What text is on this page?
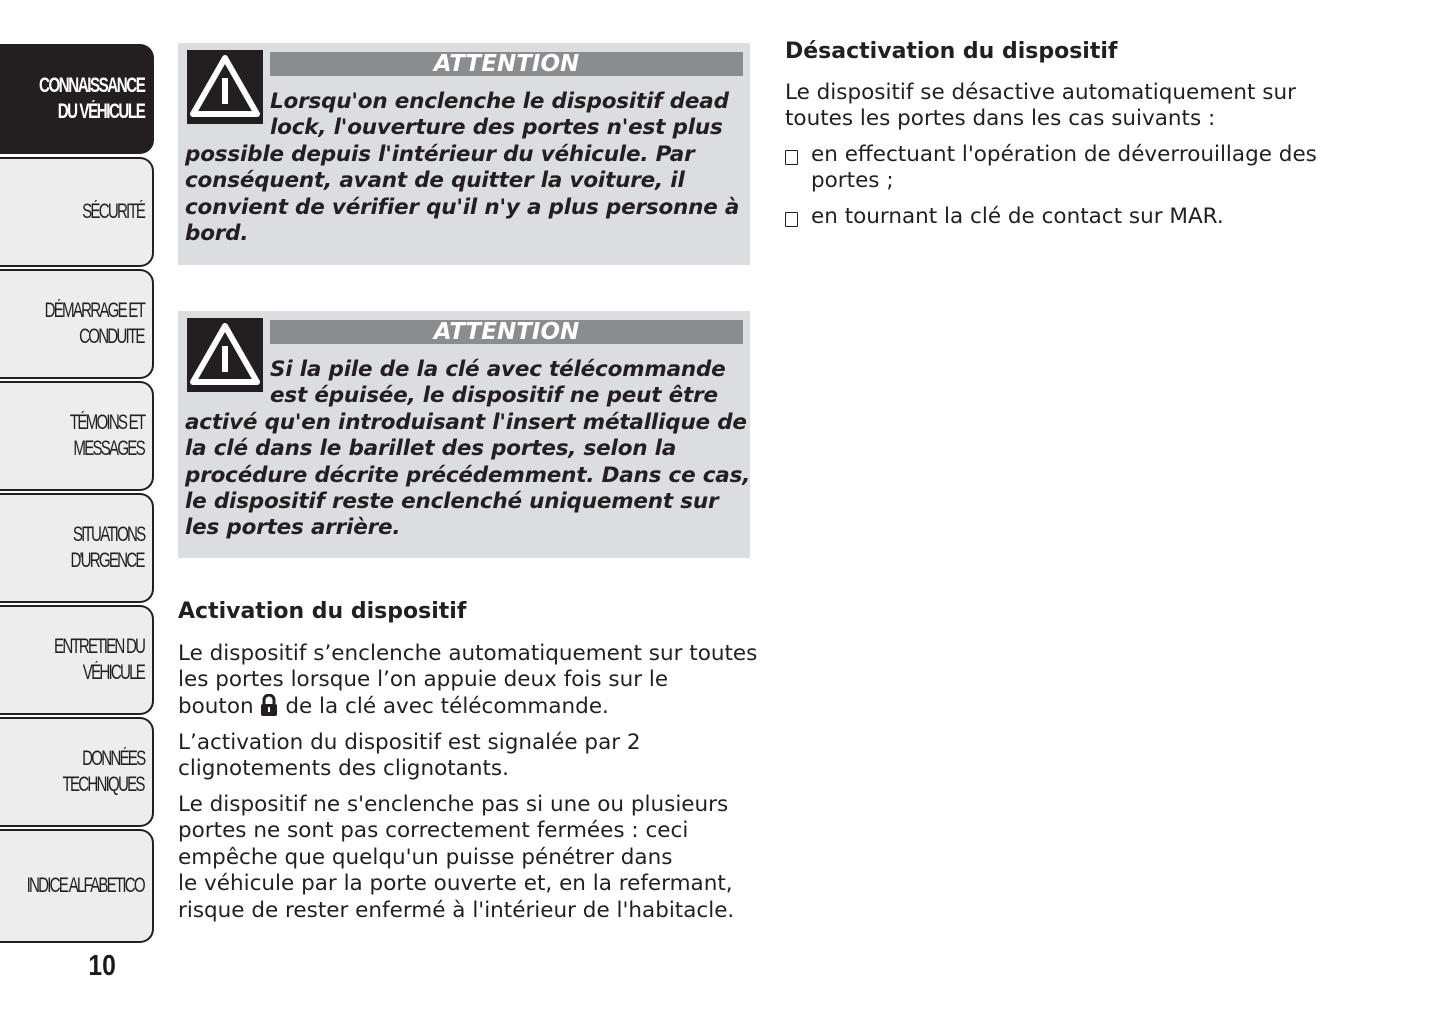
CONNAISSANCE
DU VÉHICULE
SÉCURITÉ
DÉMARRAGE ET
CONDUITE
TÉMOINS ET
MESSAGES
SITUATIONS
D'URGENCE
ENTRETIEN DU
VÉHICULE
DONNÉES
TECHNIQUES
INDICE ALFABETICO
10
ATTENTION
Lorsqu'on enclenche le dispositif dead
lock, l'ouverture des portes n'est plus
possible depuis l'intérieur du véhicule. Par
conséquent, avant de quitter la voiture, il
convient de vérifier qu'il n'y a plus personne à
bord.
ATTENTION
Si la pile de la clé avec télécommande
est épuisée, le dispositif ne peut être
activé qu'en introduisant l'insert métallique de
la clé dans le barillet des portes, selon la
procédure décrite précédemment. Dans ce cas,
le dispositif reste enclenché uniquement sur
les portes arrière.
Activation du dispositif
Le dispositif s’enclenche automatiquement sur toutes
les portes lorsque l’on appuie deux fois sur le
bouton de la clé avec télécommande.
L’activation du dispositif est signalée par 2
clignotements des clignotants.
Le dispositif ne s'enclenche pas si une ou plusieurs
portes ne sont pas correctement fermées : ceci
empêche que quelqu'un puisse pénétrer dans
le véhicule par la porte ouverte et, en la refermant,
risque de rester enfermé à l'intérieur de l'habitacle.
Désactivation du dispositif
Le dispositif se désactive automatiquement sur
toutes les portes dans les cas suivants :
en effectuant l'opération de déverrouillage des
portes ;
en tournant la clé de contact sur MAR.
